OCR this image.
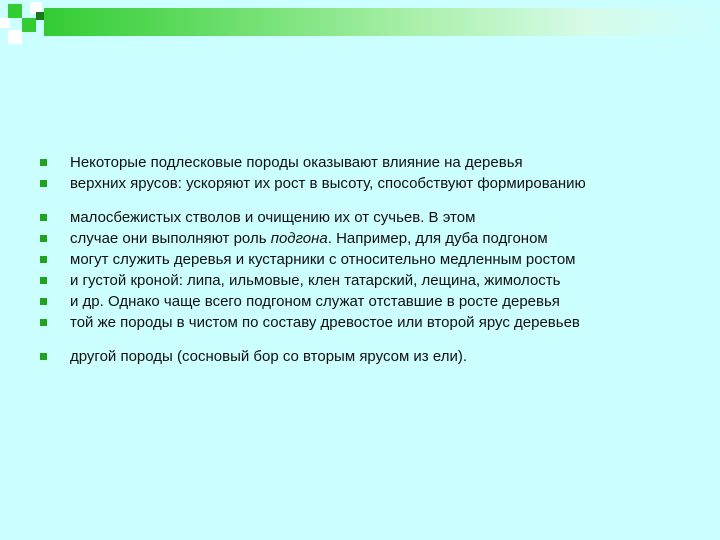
Некоторые подлесковые породы оказывают влияние на деревья
верхних ярусов: ускоряют их рост в высоту, способствуют формированию
малосбежистых стволов и очищению их от сучьев. В этом
случае они выполняют роль подгона. Например, для дуба подгоном
могут служить деревья и кустарники с относительно медленным ростом
и густой кроной: липа, ильмовые, клен татарский, лещина, жимолость
и др. Однако чаще всего подгоном служат отставшие в росте деревья
той же породы в чистом по составу древостое или второй ярус деревьев
другой породы (сосновый бор со вторым ярусом из ели).
